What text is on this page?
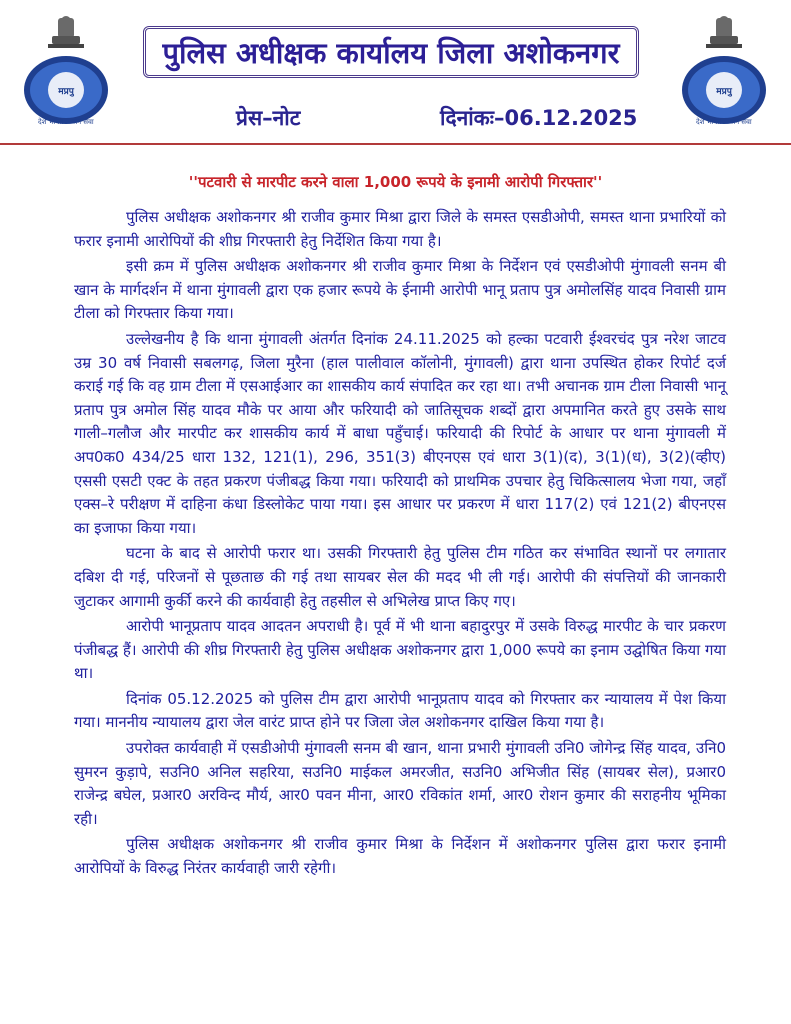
मप्रपु
देश भक्ति जन सेवा
मप्रपु
देश भक्ति जन सेवा
पुलिस अधीक्षक कार्यालय जिला अशोकनगर
प्रेस–नोट	दिनांकः–06.12.2025
''पटवारी से मारपीट करने वाला 1,000 रूपये के इनामी आरोपी गिरफ्तार''

पुलिस अधीक्षक अशोकनगर श्री राजीव कुमार मिश्रा द्वारा जिले के समस्त एसडीओपी, समस्त थाना प्रभारियों को फरार इनामी आरोपियों की शीघ्र गिरफ्तारी हेतु निर्देशित किया गया है।

इसी क्रम में पुलिस अधीक्षक अशोकनगर श्री राजीव कुमार मिश्रा के निर्देशन एवं एसडीओपी मुंगावली सनम बी खान के मार्गदर्शन में थाना मुंगावली द्वारा एक हजार रूपये के ईनामी आरोपी भानू प्रताप पुत्र अमोलसिंह यादव निवासी ग्राम टीला को गिरफ्तार किया गया।

उल्लेखनीय है कि थाना मुंगावली अंतर्गत दिनांक 24.11.2025 को हल्का पटवारी ईश्वरचंद पुत्र नरेश जाटव उम्र 30 वर्ष निवासी सबलगढ़, जिला मुरैना (हाल पालीवाल कॉलोनी, मुंगावली) द्वारा थाना उपस्थित होकर रिपोर्ट दर्ज कराई गई कि वह ग्राम टीला में एसआईआर का शासकीय कार्य संपादित कर रहा था। तभी अचानक ग्राम टीला निवासी भानू प्रताप पुत्र अमोल सिंह यादव मौके पर आया और फरियादी को जातिसूचक शब्दों द्वारा अपमानित करते हुए उसके साथ गाली–गलौज और मारपीट कर शासकीय कार्य में बाधा पहुँचाई। फरियादी की रिपोर्ट के आधार पर थाना मुंगावली में अप0क0 434/25 धारा 132, 121(1), 296, 351(3) बीएनएस एवं धारा 3(1)(द), 3(1)(ध), 3(2)(व्हीए) एससी एसटी एक्ट के तहत प्रकरण पंजीबद्ध किया गया। फरियादी को प्राथमिक उपचार हेतु चिकित्सालय भेजा गया, जहाँ एक्स–रे परीक्षण में दाहिना कंधा डिस्लोकेट पाया गया। इस आधार पर प्रकरण में धारा 117(2) एवं 121(2) बीएनएस का इजाफा किया गया।

घटना के बाद से आरोपी फरार था। उसकी गिरफ्तारी हेतु पुलिस टीम गठित कर संभावित स्थानों पर लगातार दबिश दी गई, परिजनों से पूछताछ की गई तथा सायबर सेल की मदद भी ली गई। आरोपी की संपत्तियों की जानकारी जुटाकर आगामी कुर्की करने की कार्यवाही हेतु तहसील से अभिलेख प्राप्त किए गए।

आरोपी भानूप्रताप यादव आदतन अपराधी है। पूर्व में भी थाना बहादुरपुर में उसके विरुद्ध मारपीट के चार प्रकरण पंजीबद्ध हैं। आरोपी की शीघ्र गिरफ्तारी हेतु पुलिस अधीक्षक अशोकनगर द्वारा 1,000 रूपये का इनाम उद्घोषित किया गया था।

दिनांक 05.12.2025 को पुलिस टीम द्वारा आरोपी भानूप्रताप यादव को गिरफ्तार कर न्यायालय में पेश किया गया। माननीय न्यायालय द्वारा जेल वारंट प्राप्त होने पर जिला जेल अशोकनगर दाखिल किया गया है।

उपरोक्त कार्यवाही में एसडीओपी मुंगावली सनम बी खान, थाना प्रभारी मुंगावली उनि0 जोगेन्द्र सिंह यादव, उनि0 सुमरन कुड़ापे, सउनि0 अनिल सहरिया, सउनि0 माईकल अमरजीत, सउनि0 अभिजीत सिंह (सायबर सेल), प्रआर0 राजेन्द्र बघेल, प्रआर0 अरविन्द मौर्य, आर0 पवन मीना, आर0 रविकांत शर्मा, आर0 रोशन कुमार की सराहनीय भूमिका रही।

पुलिस अधीक्षक अशोकनगर श्री राजीव कुमार मिश्रा के निर्देशन में अशोकनगर पुलिस द्वारा फरार इनामी आरोपियों के विरुद्ध निरंतर कार्यवाही जारी रहेगी।
